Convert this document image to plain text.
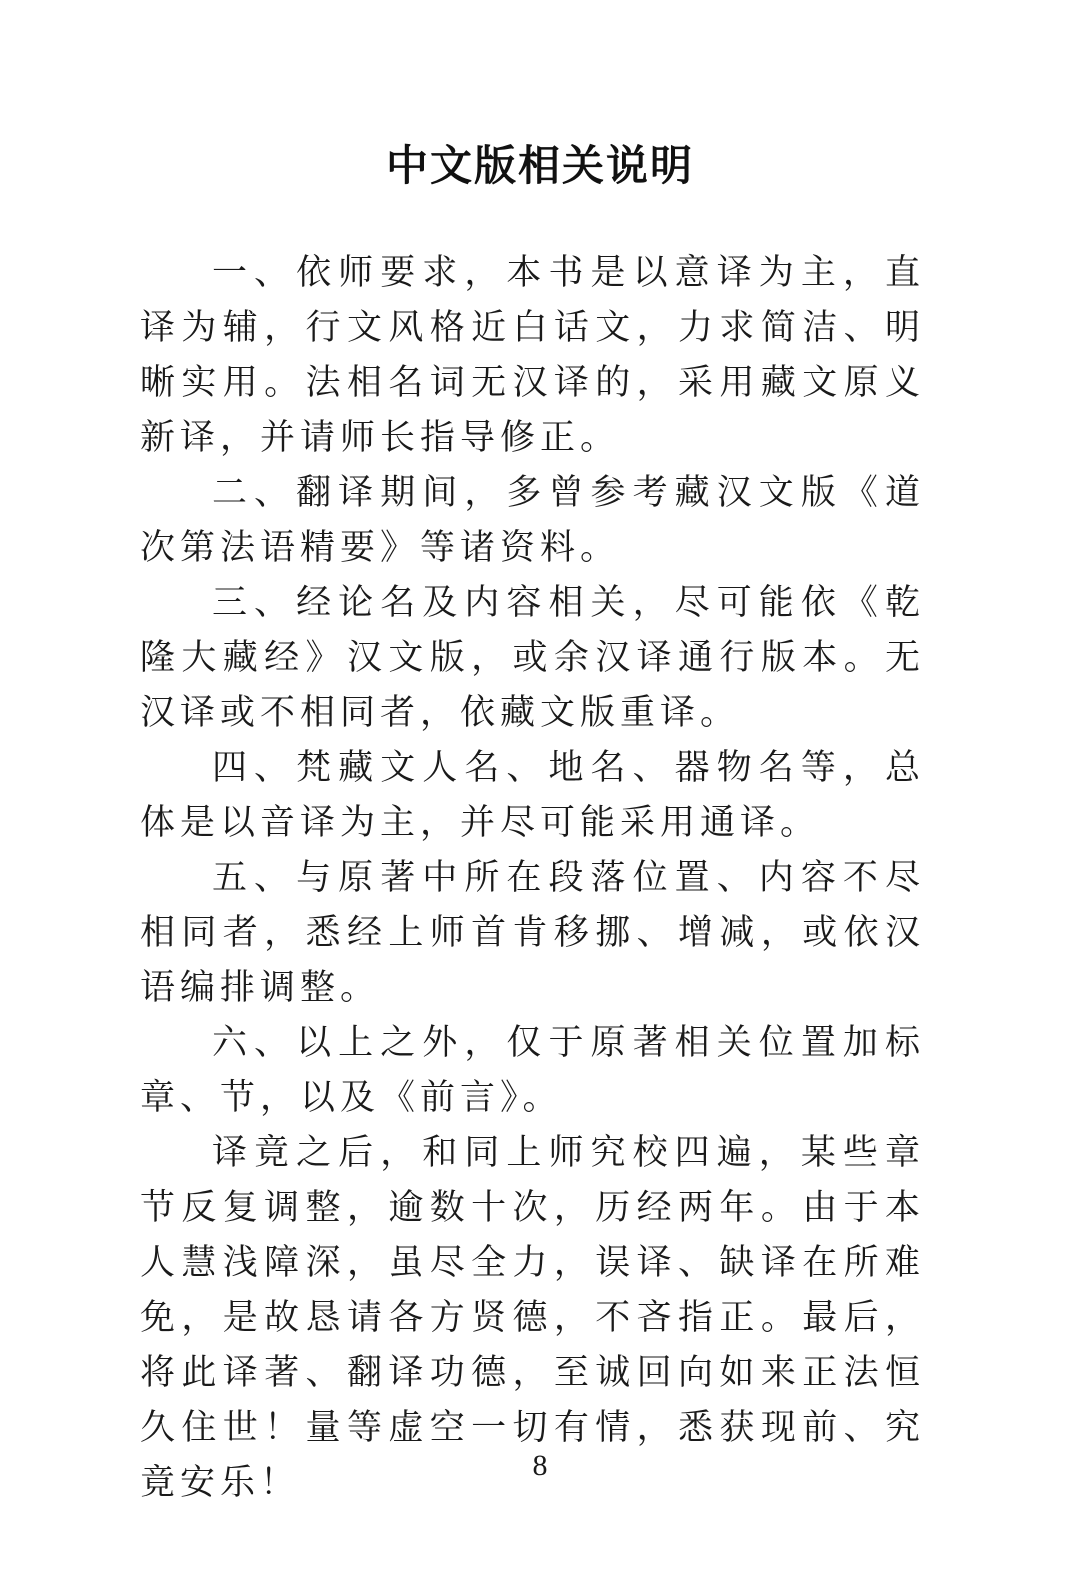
中文版相关说明

一、依师要求，本书是以意译为主，直译为辅，行文风格近白话文，力求简洁、明晰实用。法相名词无汉译的，采用藏文原义新译，并请师长指导修正。

二、翻译期间，多曾参考藏汉文版《道次第法语精要》等诸资料。

三、经论名及内容相关，尽可能依《乾隆大藏经》汉文版，或余汉译通行版本。无汉译或不相同者，依藏文版重译。

四、梵藏文人名、地名、器物名等，总体是以音译为主，并尽可能采用通译。

五、与原著中所在段落位置、内容不尽相同者，悉经上师首肯移挪、增减，或依汉语编排调整。

六、以上之外，仅于原著相关位置加标章、节，以及《前言》。

译竟之后，和同上师究校四遍，某些章节反复调整，逾数十次，历经两年。由于本人慧浅障深，虽尽全力，误译、缺译在所难免，是故恳请各方贤德，不吝指正。最后，将此译著、翻译功德，至诚回向如来正法恒久住世！量等虚空一切有情，悉获现前、究竟安乐！	8
